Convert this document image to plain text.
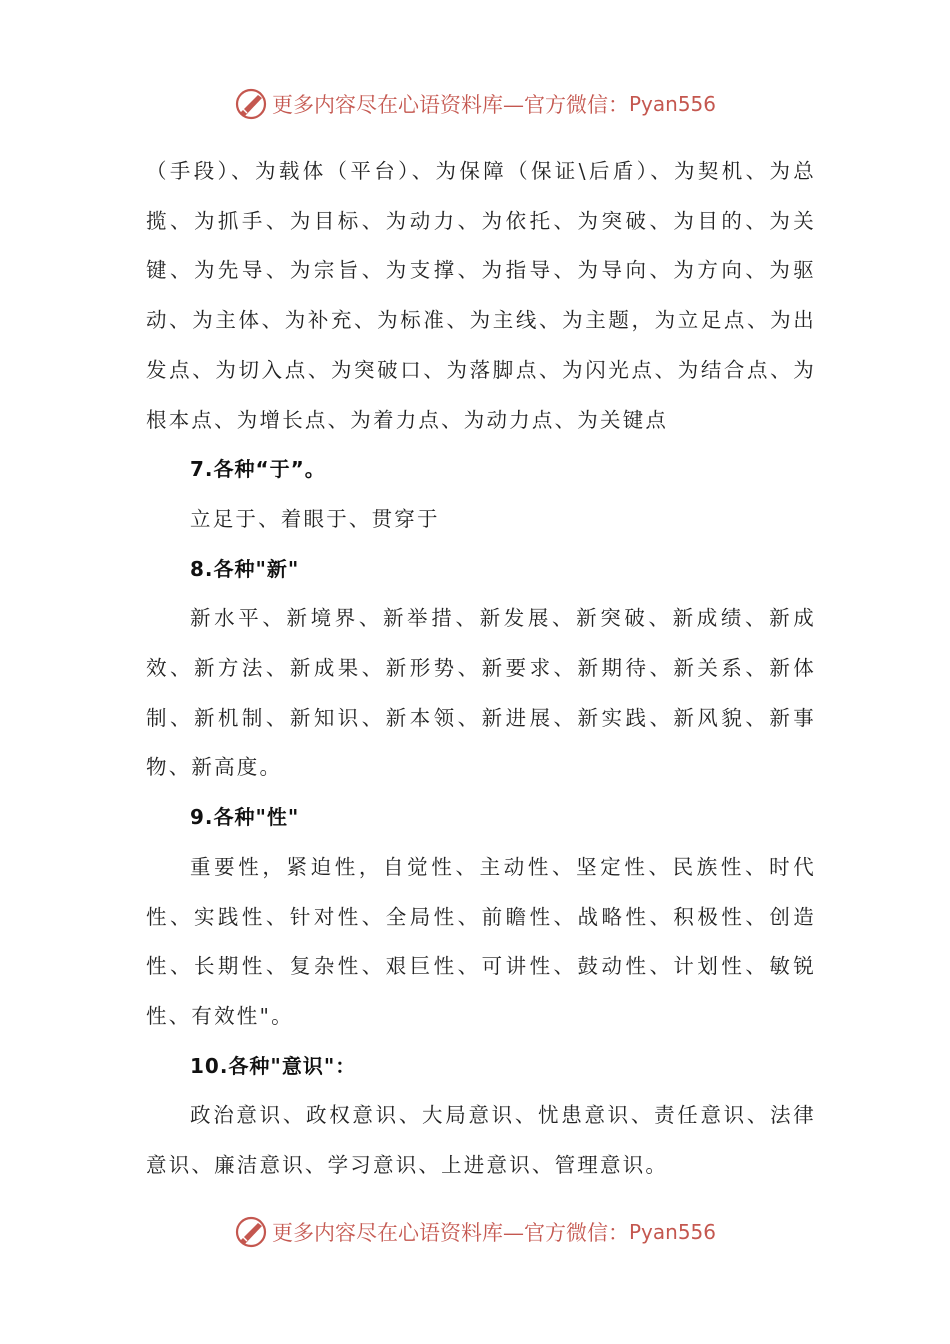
更多内容尽在心语资料库—官方微信： Pyan556

（手段）、为载体（平台）、为保障（保证\后盾）、为契机、为总揽、为抓手、为目标、为动力、为依托、为突破、为目的、为关键、为先导、为宗旨、为支撑、为指导、为导向、为方向、为驱动、为主体、为补充、为标准、为主线、为主题，为立足点、为出发点、为切入点、为突破口、为落脚点、为闪光点、为结合点、为根本点、为增长点、为着力点、为动力点、为关键点

7.各种“于”。

立足于、着眼于、贯穿于

8.各种"新"

新水平、新境界、新举措、新发展、新突破、新成绩、新成效、新方法、新成果、新形势、新要求、新期待、新关系、新体制、新机制、新知识、新本领、新进展、新实践、新风貌、新事物、新高度。

9.各种"性"

重要性，紧迫性，自觉性、主动性、坚定性、民族性、时代性、实践性、针对性、全局性、前瞻性、战略性、积极性、创造性、长期性、复杂性、艰巨性、可讲性、鼓动性、计划性、敏锐性、有效性"。

10.各种"意识"：

政治意识、政权意识、大局意识、忧患意识、责任意识、法律意识、廉洁意识、学习意识、上进意识、管理意识。

更多内容尽在心语资料库—官方微信： Pyan556
